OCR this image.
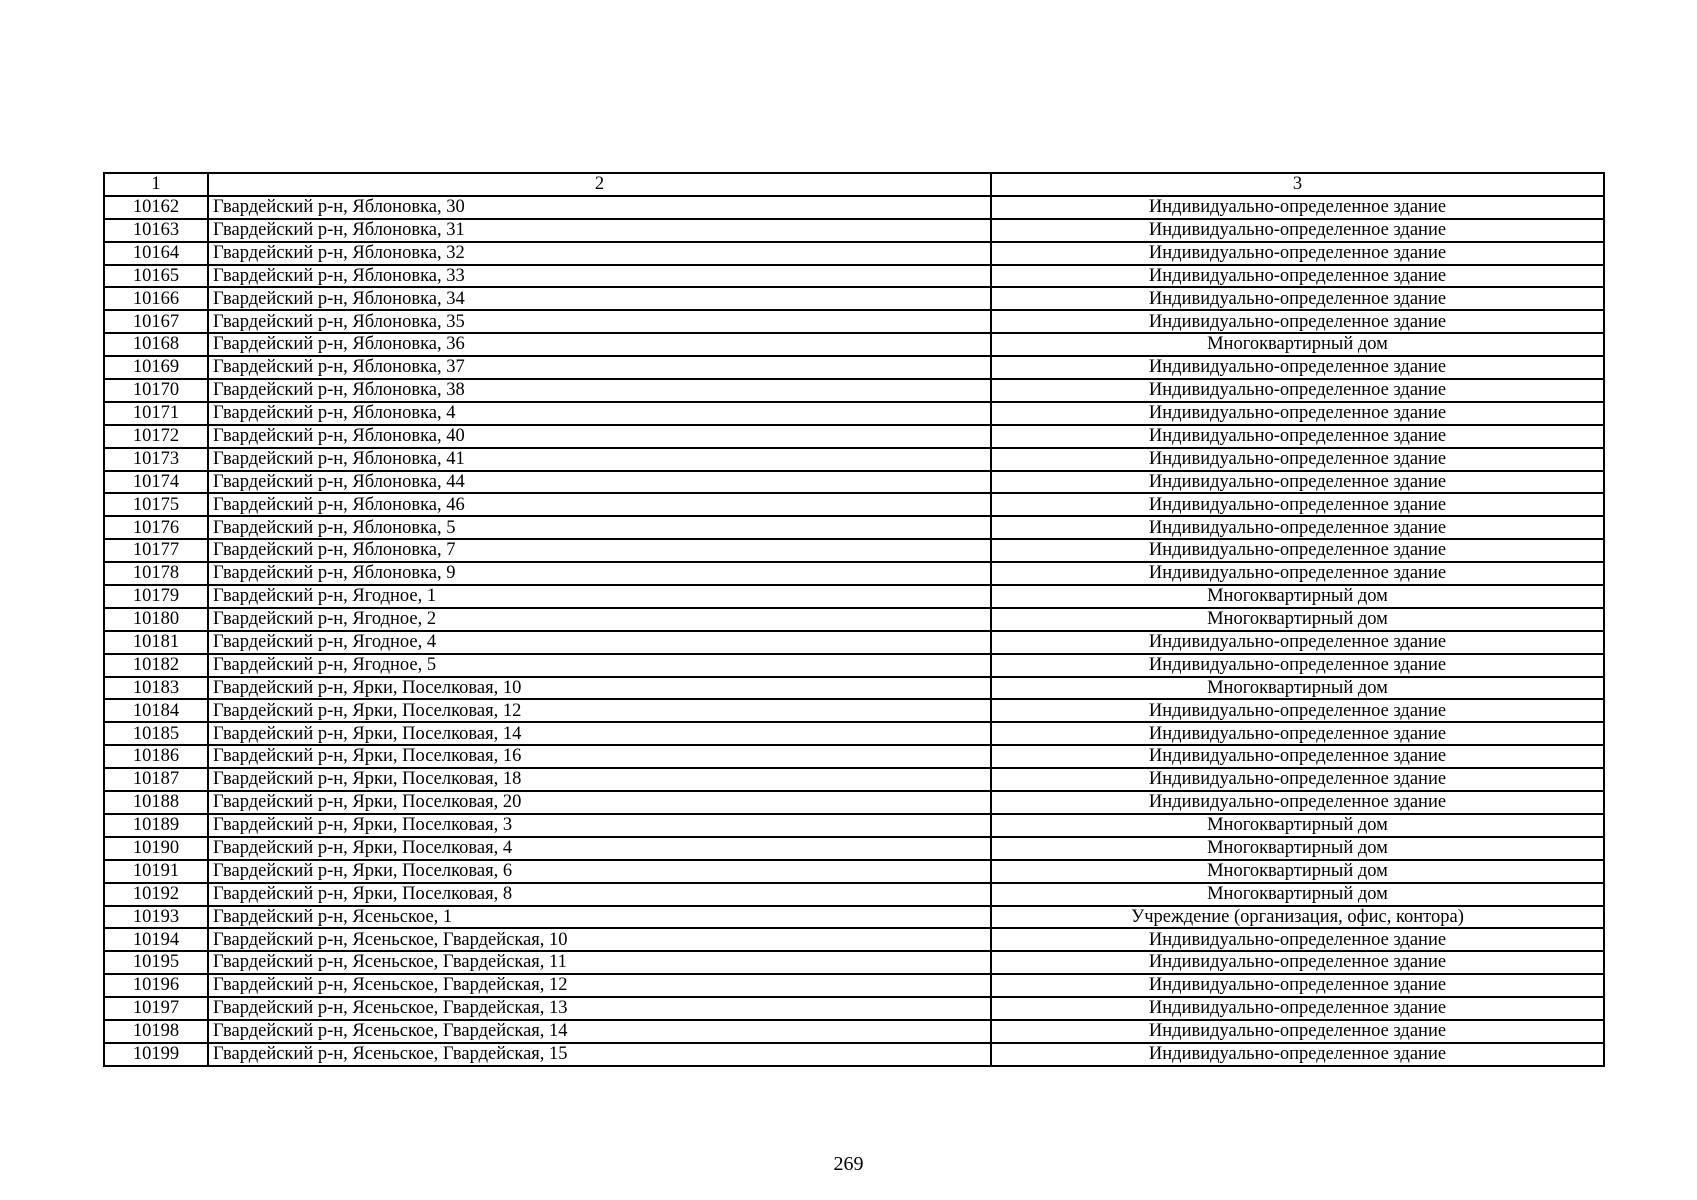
1	2	3
10162	Гвардейский р-н, Яблоновка, 30	Индивидуально-определенное здание
10163	Гвардейский р-н, Яблоновка, 31	Индивидуально-определенное здание
10164	Гвардейский р-н, Яблоновка, 32	Индивидуально-определенное здание
10165	Гвардейский р-н, Яблоновка, 33	Индивидуально-определенное здание
10166	Гвардейский р-н, Яблоновка, 34	Индивидуально-определенное здание
10167	Гвардейский р-н, Яблоновка, 35	Индивидуально-определенное здание
10168	Гвардейский р-н, Яблоновка, 36	Многоквартирный дом
10169	Гвардейский р-н, Яблоновка, 37	Индивидуально-определенное здание
10170	Гвардейский р-н, Яблоновка, 38	Индивидуально-определенное здание
10171	Гвардейский р-н, Яблоновка, 4	Индивидуально-определенное здание
10172	Гвардейский р-н, Яблоновка, 40	Индивидуально-определенное здание
10173	Гвардейский р-н, Яблоновка, 41	Индивидуально-определенное здание
10174	Гвардейский р-н, Яблоновка, 44	Индивидуально-определенное здание
10175	Гвардейский р-н, Яблоновка, 46	Индивидуально-определенное здание
10176	Гвардейский р-н, Яблоновка, 5	Индивидуально-определенное здание
10177	Гвардейский р-н, Яблоновка, 7	Индивидуально-определенное здание
10178	Гвардейский р-н, Яблоновка, 9	Индивидуально-определенное здание
10179	Гвардейский р-н, Ягодное, 1	Многоквартирный дом
10180	Гвардейский р-н, Ягодное, 2	Многоквартирный дом
10181	Гвардейский р-н, Ягодное, 4	Индивидуально-определенное здание
10182	Гвардейский р-н, Ягодное, 5	Индивидуально-определенное здание
10183	Гвардейский р-н, Ярки, Поселковая, 10	Многоквартирный дом
10184	Гвардейский р-н, Ярки, Поселковая, 12	Индивидуально-определенное здание
10185	Гвардейский р-н, Ярки, Поселковая, 14	Индивидуально-определенное здание
10186	Гвардейский р-н, Ярки, Поселковая, 16	Индивидуально-определенное здание
10187	Гвардейский р-н, Ярки, Поселковая, 18	Индивидуально-определенное здание
10188	Гвардейский р-н, Ярки, Поселковая, 20	Индивидуально-определенное здание
10189	Гвардейский р-н, Ярки, Поселковая, 3	Многоквартирный дом
10190	Гвардейский р-н, Ярки, Поселковая, 4	Многоквартирный дом
10191	Гвардейский р-н, Ярки, Поселковая, 6	Многоквартирный дом
10192	Гвардейский р-н, Ярки, Поселковая, 8	Многоквартирный дом
10193	Гвардейский р-н, Ясеньское, 1	Учреждение (организация, офис, контора)
10194	Гвардейский р-н, Ясеньское, Гвардейская, 10	Индивидуально-определенное здание
10195	Гвардейский р-н, Ясеньское, Гвардейская, 11	Индивидуально-определенное здание
10196	Гвардейский р-н, Ясеньское, Гвардейская, 12	Индивидуально-определенное здание
10197	Гвардейский р-н, Ясеньское, Гвардейская, 13	Индивидуально-определенное здание
10198	Гвардейский р-н, Ясеньское, Гвардейская, 14	Индивидуально-определенное здание
10199	Гвардейский р-н, Ясеньское, Гвардейская, 15	Индивидуально-определенное здание
269
